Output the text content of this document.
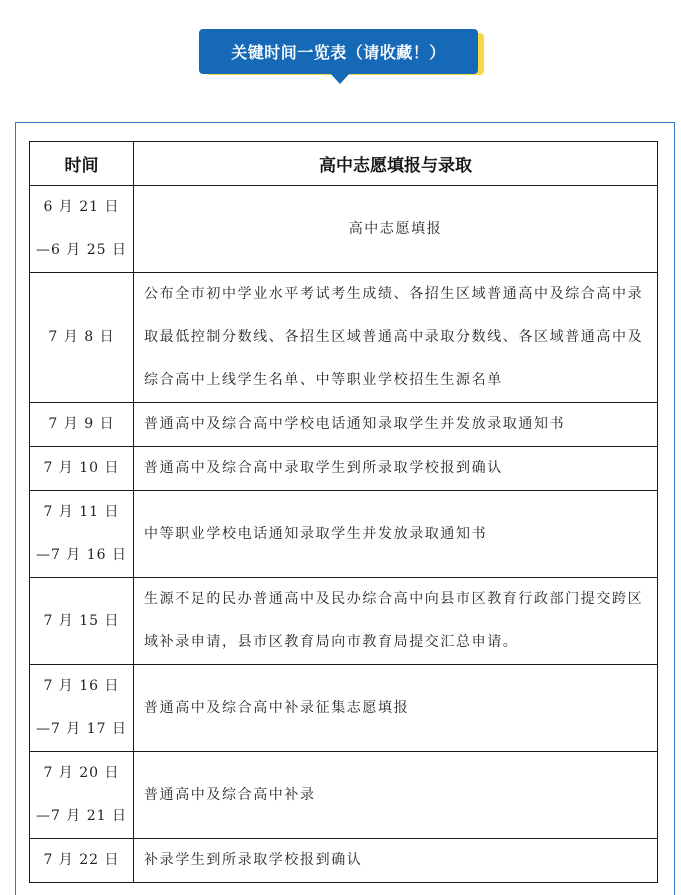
关键时间一览表（请收藏！）
时间	高中志愿填报与录取

6 月 21 日
—6 月 25 日	高中志愿填报

7 月 8 日	公布全市初中学业水平考试考生成绩、各招生区域普通高中及综合高中录取最低控制分数线、各招生区域普通高中录取分数线、各区域普通高中及综合高中上线学生名单、中等职业学校招生生源名单

7 月 9 日	普通高中及综合高中学校电话通知录取学生并发放录取通知书

7 月 10 日	普通高中及综合高中录取学生到所录取学校报到确认

7 月 11 日
—7 月 16 日	中等职业学校电话通知录取学生并发放录取通知书

7 月 15 日	生源不足的民办普通高中及民办综合高中向县市区教育行政部门提交跨区域补录申请，县市区教育局向市教育局提交汇总申请。

7 月 16 日
—7 月 17 日	普通高中及综合高中补录征集志愿填报

7 月 20 日
—7 月 21 日	普通高中及综合高中补录

7 月 22 日	补录学生到所录取学校报到确认
